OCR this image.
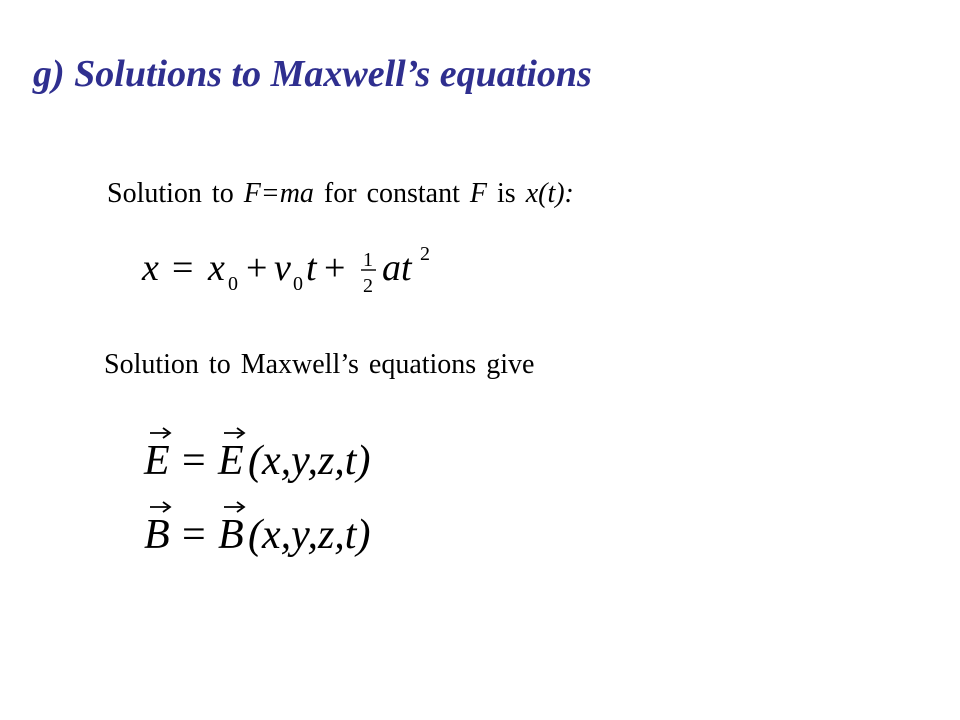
g) Solutions to Maxwell’s equations
Solution to F=ma for constant F is x(t):
x = x 0 + v 0 t + 1
2 at 2
Solution to Maxwell’s equations give
E = E (x,y,z,t)
B = B (x,y,z,t)
